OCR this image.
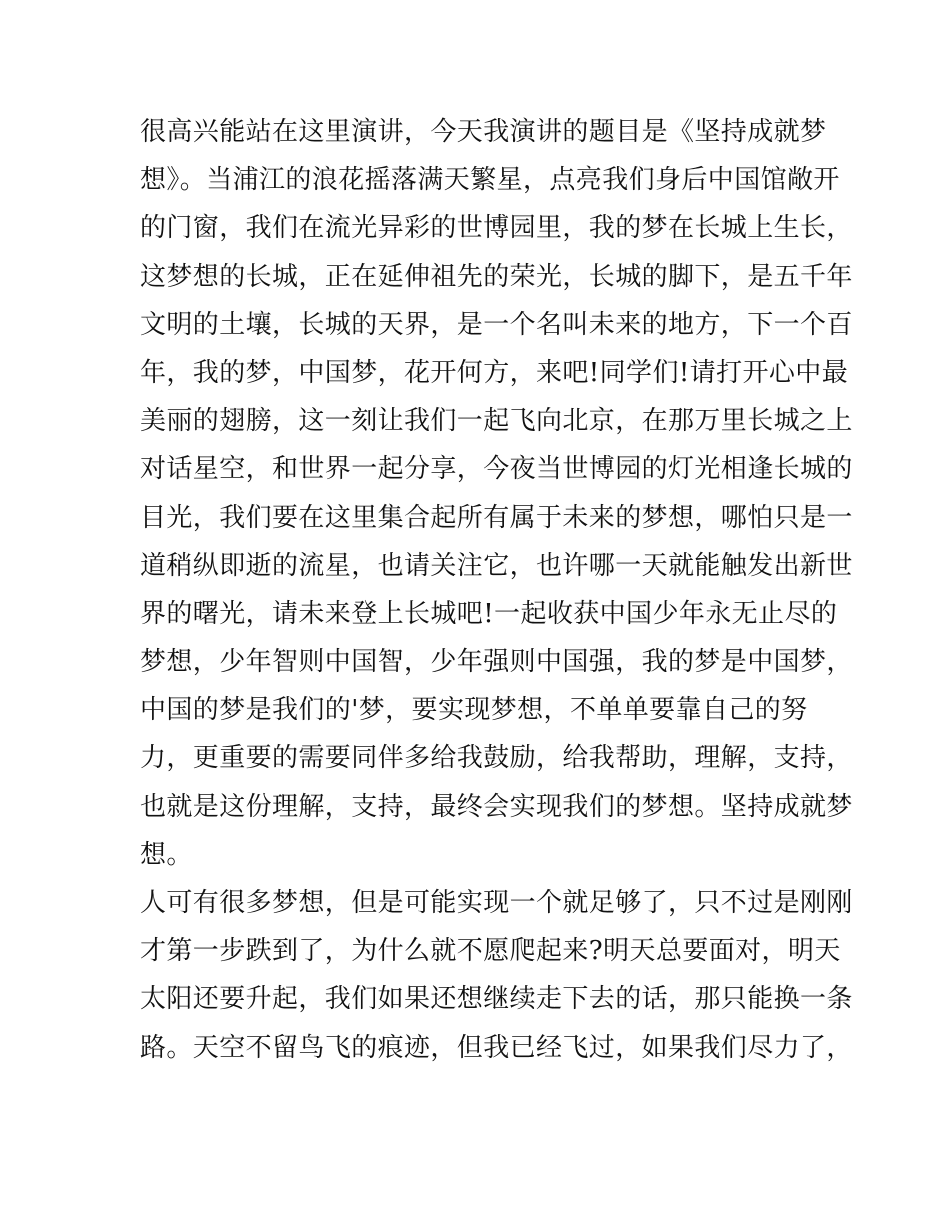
很高兴能站在这里演讲，今天我演讲的题目是《坚持成就梦
想》。当浦江的浪花摇落满天繁星，点亮我们身后中国馆敞开
的门窗，我们在流光异彩的世博园里，我的梦在长城上生长，
这梦想的长城，正在延伸祖先的荣光，长城的脚下，是五千年
文明的土壤，长城的天界，是一个名叫未来的地方，下一个百
年，我的梦，中国梦，花开何方，来吧!同学们!请打开心中最
美丽的翅膀，这一刻让我们一起飞向北京，在那万里长城之上
对话星空，和世界一起分享，今夜当世博园的灯光相逢长城的
目光，我们要在这里集合起所有属于未来的梦想，哪怕只是一
道稍纵即逝的流星，也请关注它，也许哪一天就能触发出新世
界的曙光，请未来登上长城吧!一起收获中国少年永无止尽的
梦想，少年智则中国智，少年强则中国强，我的梦是中国梦，
中国的梦是我们的'梦，要实现梦想，不单单要靠自己的努
力，更重要的需要同伴多给我鼓励，给我帮助，理解，支持，
也就是这份理解，支持，最终会实现我们的梦想。坚持成就梦
想。
人可有很多梦想，但是可能实现一个就足够了，只不过是刚刚
才第一步跌到了，为什么就不愿爬起来?明天总要面对，明天
太阳还要升起，我们如果还想继续走下去的话，那只能换一条
路。天空不留鸟飞的痕迹，但我已经飞过，如果我们尽力了，
